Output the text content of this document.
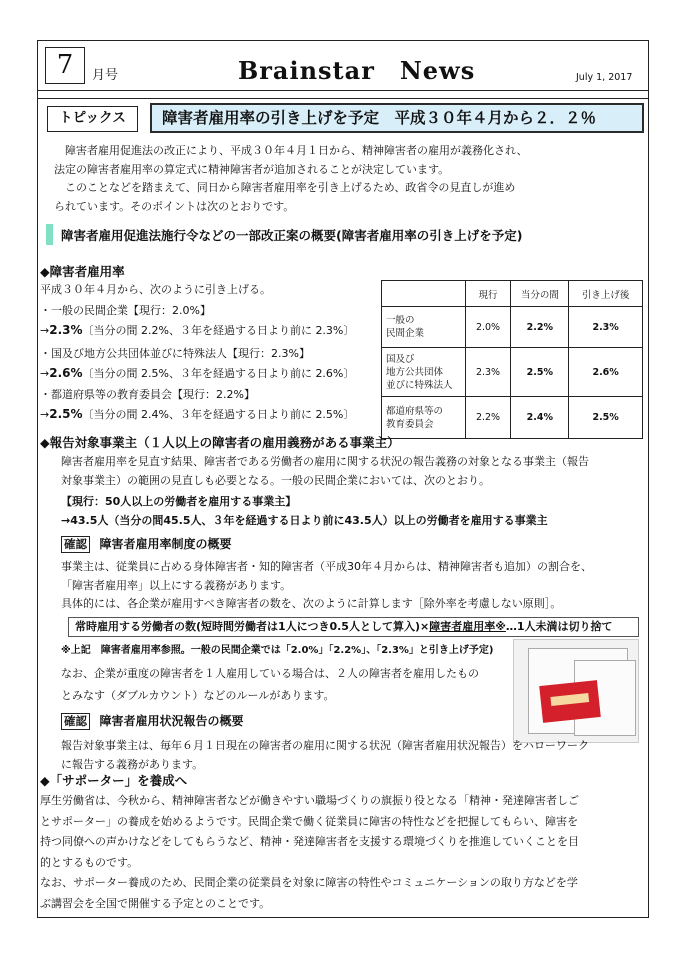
7	月号	Brainstar　News	July 1, 2017
トピックス	障害者雇用率の引き上げを予定　平成３０年４月から２．２％
　障害者雇用促進法の改正により、平成３０年４月１日から、精神障害者の雇用が義務化され、
法定の障害者雇用率の算定式に精神障害者が追加されることが決定しています。
　このことなどを踏まえて、同日から障害者雇用率を引き上げるため、政省令の見直しが進め
られています。そのポイントは次のとおりです。
障害者雇用促進法施行令などの一部改正案の概要(障害者雇用率の引き上げを予定)
◆障害者雇用率
平成３０年４月から、次のように引き上げる。
・一般の民間企業【現行：2.0%】
→2.3%〔当分の間 2.2%、３年を経過する日より前に 2.3%〕
・国及び地方公共団体並びに特殊法人【現行：2.3%】
→2.6%〔当分の間 2.5%、３年を経過する日より前に 2.6%〕
・都道府県等の教育委員会【現行：2.2%】
→2.5%〔当分の間 2.4%、３年を経過する日より前に 2.5%〕
	現行	当分の間	引き上げ後

一般の
民間企業	2.0%	2.2%	2.3%

国及び
地方公共団体
並びに特殊法人	2.3%	2.5%	2.6%

都道府県等の
教育委員会	2.2%	2.4%	2.5%
◆報告対象事業主（１人以上の障害者の雇用義務がある事業主）
障害者雇用率を見直す結果、障害者である労働者の雇用に関する状況の報告義務の対象となる事業主（報告
対象事業主）の範囲の見直しも必要となる。一般の民間企業においては、次のとおり。
【現行：50人以上の労働者を雇用する事業主】
→43.5人（当分の間45.5人、３年を経過する日より前に43.5人）以上の労働者を雇用する事業主
確認 障害者雇用率制度の概要
事業主は、従業員に占める身体障害者・知的障害者（平成30年４月からは、精神障害者も追加）の割合を、
「障害者雇用率」以上にする義務があります。
具体的には、各企業が雇用すべき障害者の数を、次のように計算します［除外率を考慮しない原則］。
常時雇用する労働者の数(短時間労働者は1人につき0.5人として算入)×障害者雇用率※…1人未満は切り捨て
※上記　障害者雇用率参照。一般の民間企業では「2.0%」「2.2%」、「2.3%」と引き上げ予定)
なお、企業が重度の障害者を１人雇用している場合は、２人の障害者を雇用したもの
とみなす（ダブルカウント）などのルールがあります。
確認 障害者雇用状況報告の概要
報告対象事業主は、毎年６月１日現在の障害者の雇用に関する状況（障害者雇用状況報告）をハローワーク
に報告する義務があります。
◆「サポーター」を養成へ
厚生労働省は、今秋から、精神障害者などが働きやすい職場づくりの旗振り役となる「精神・発達障害者しご
とサポーター」の養成を始めるようです。民間企業で働く従業員に障害の特性などを把握してもらい、障害を
持つ同僚への声かけなどをしてもらうなど、精神・発達障害者を支援する環境づくりを推進していくことを目
的とするものです。
なお、サポーター養成のため、民間企業の従業員を対象に障害の特性やコミュニケーションの取り方などを学
ぶ講習会を全国で開催する予定とのことです。
